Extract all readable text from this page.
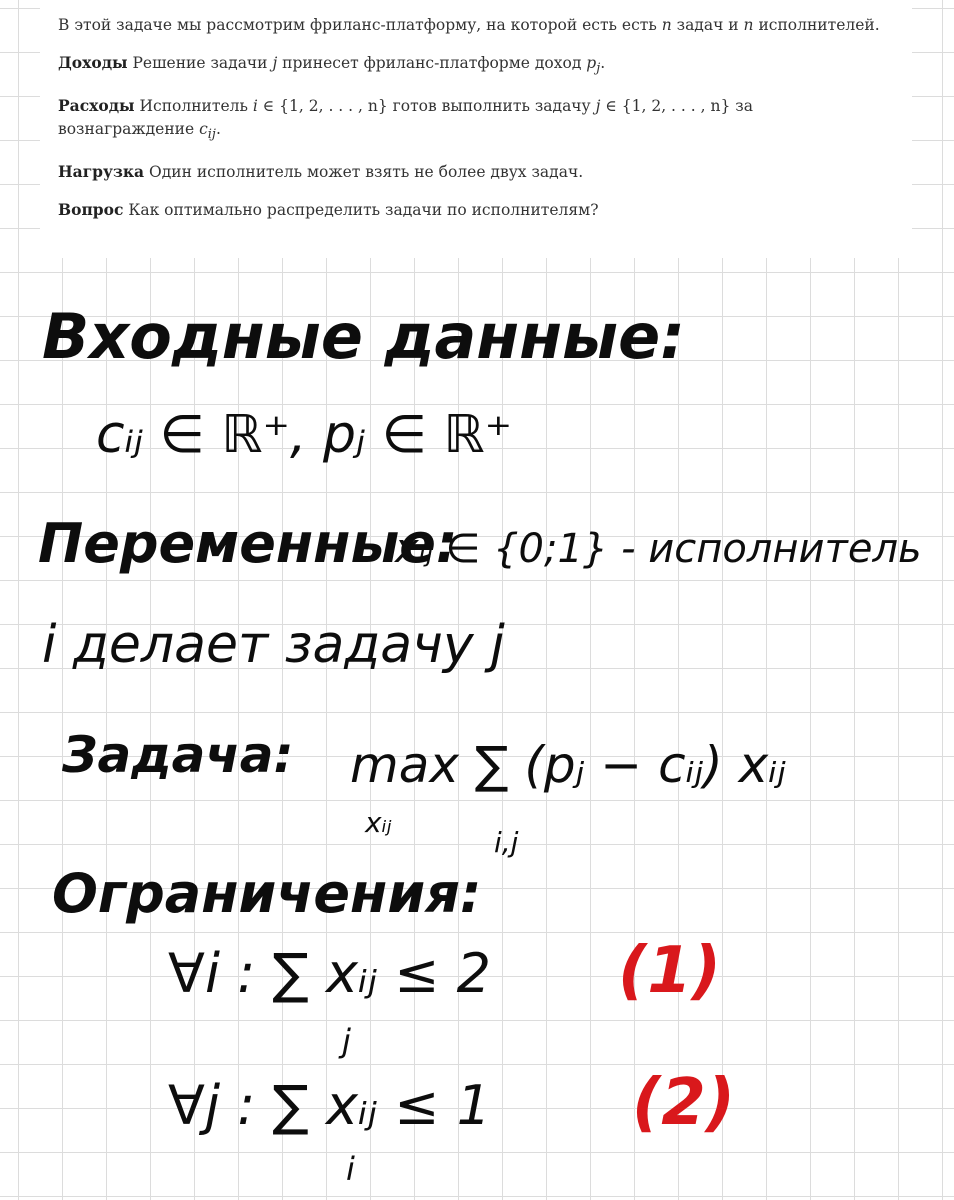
В этой задаче мы рассмотрим фриланс-платформу, на которой есть есть n задач и n исполнителей.

Доходы Решение задачи j принесет фриланс-платформе доход $p_j$.

Расходы Исполнитель i ∈ {1, 2, . . . , n} готов выполнить задачу j ∈ {1, 2, . . . , n} за вознаграждение $c_{ij}$.

Нагрузка Один исполнитель может взять не более двух задач.

Вопрос Как оптимально распределить задачи по исполнителям?

Входные данные:
cᵢⱼ ∈ ℝ⁺, pⱼ ∈ ℝ⁺
Переменные:
xᵢⱼ ∈ {0;1} - исполнитель
i делает задачу j
Задача: max ∑ (pⱼ − cᵢⱼ) xᵢⱼ
xᵢⱼ
i,j
Ограничения:
∀i : ∑ xᵢⱼ ≤ 2
j
(1)
∀j : ∑ xᵢⱼ ≤ 1
i
(2)
